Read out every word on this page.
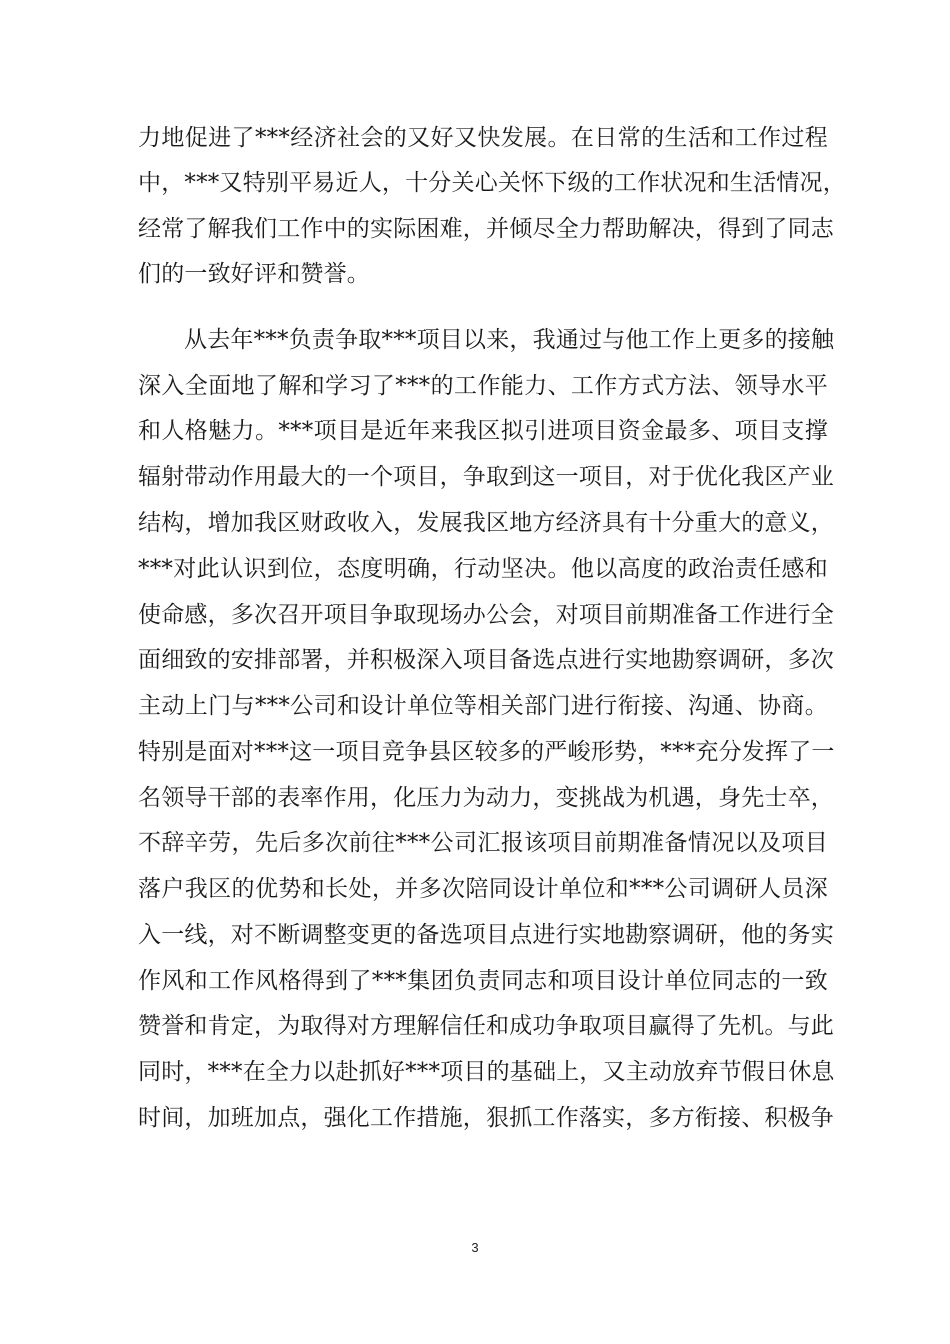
力地促进了***经济社会的又好又快发展。在日常的生活和工作过程
中，***又特别平易近人，十分关心关怀下级的工作状况和生活情况，
经常了解我们工作中的实际困难，并倾尽全力帮助解决，得到了同志
们的一致好评和赞誉。
从去年***负责争取***项目以来，我通过与他工作上更多的接触
深入全面地了解和学习了***的工作能力、工作方式方法、领导水平
和人格魅力。***项目是近年来我区拟引进项目资金最多、项目支撑
辐射带动作用最大的一个项目，争取到这一项目，对于优化我区产业
结构，增加我区财政收入，发展我区地方经济具有十分重大的意义，
***对此认识到位，态度明确，行动坚决。他以高度的政治责任感和
使命感，多次召开项目争取现场办公会，对项目前期准备工作进行全
面细致的安排部署，并积极深入项目备选点进行实地勘察调研，多次
主动上门与***公司和设计单位等相关部门进行衔接、沟通、协商。
特别是面对***这一项目竞争县区较多的严峻形势，***充分发挥了一
名领导干部的表率作用，化压力为动力，变挑战为机遇，身先士卒，
不辞辛劳，先后多次前往***公司汇报该项目前期准备情况以及项目
落户我区的优势和长处，并多次陪同设计单位和***公司调研人员深
入一线，对不断调整变更的备选项目点进行实地勘察调研，他的务实
作风和工作风格得到了***集团负责同志和项目设计单位同志的一致
赞誉和肯定，为取得对方理解信任和成功争取项目赢得了先机。与此
同时，***在全力以赴抓好***项目的基础上，又主动放弃节假日休息
时间，加班加点，强化工作措施，狠抓工作落实，多方衔接、积极争
3
